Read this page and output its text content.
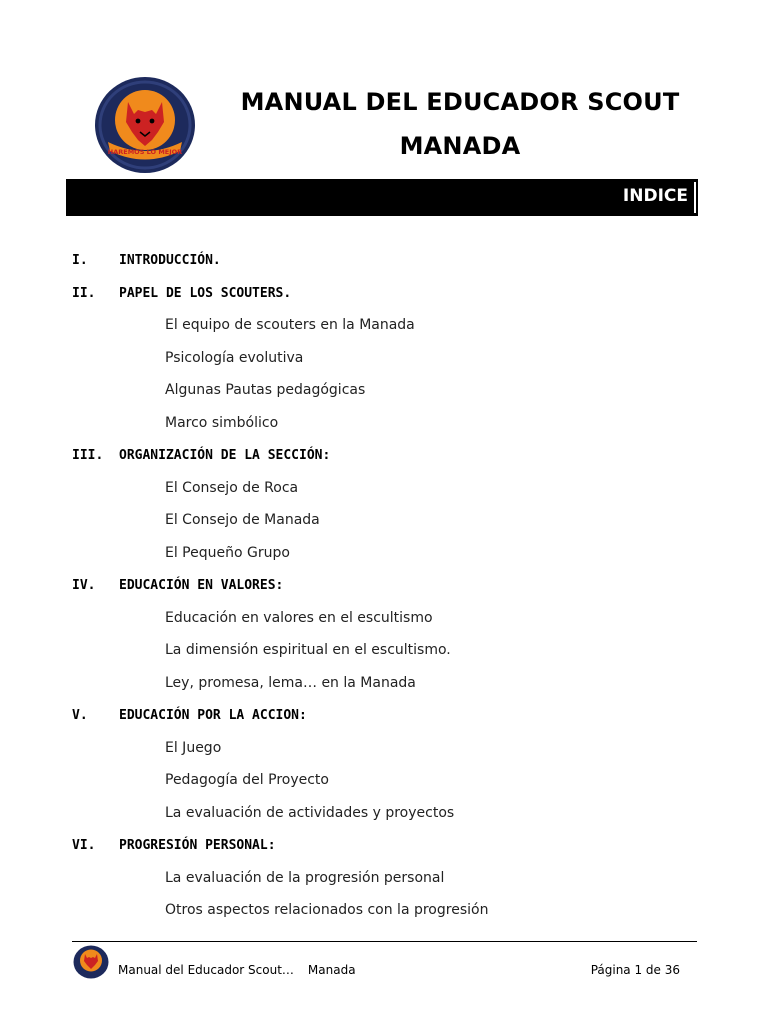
HAREMOS LO MEJOR
MANUAL DEL EDUCADOR SCOUT
MANADA
INDICE
I. INTRODUCCIÓN.
II. PAPEL DE LOS SCOUTERS.
El equipo de scouters en la Manada
Psicología evolutiva
Algunas Pautas pedagógicas
Marco simbólico
III. ORGANIZACIÓN DE LA SECCIÓN:
El Consejo de Roca
El Consejo de Manada
El Pequeño Grupo
IV. EDUCACIÓN EN VALORES:
Educación en valores en el escultismo
La dimensión espiritual en el escultismo.
Ley, promesa, lema… en la Manada
V. EDUCACIÓN POR LA ACCION:
El Juego
Pedagogía del Proyecto
La evaluación de actividades y proyectos
VI. PROGRESIÓN PERSONAL:
La evaluación de la progresión personal
Otros aspectos relacionados con la progresión
Manual del Educador Scout… Manada	Página 1 de 36
